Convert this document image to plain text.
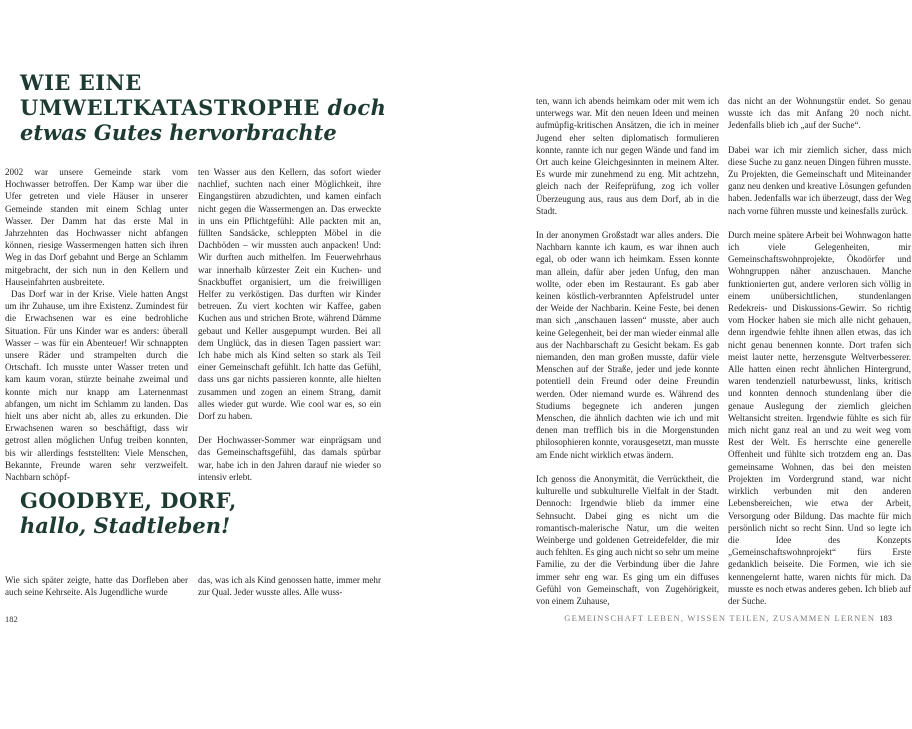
WIE EINE
UMWELTKATASTROPHE doch
etwas Gutes hervorbrachte

2002 war unsere Gemeinde stark vom Hochwasser betroffen. Der Kamp war über die Ufer getreten und viele Häuser in unserer Gemeinde standen mit einem Schlag unter Wasser. Der Damm hat das erste Mal in Jahrzehnten das Hochwasser nicht abfangen können, riesige Wassermengen hatten sich ihren Weg in das Dorf gebahnt und Berge an Schlamm mitgebracht, der sich nun in den Kellern und Hauseinfahrten ausbreitete.

Das Dorf war in der Krise. Viele hatten Angst um ihr Zuhause, um ihre Existenz. Zumindest für die Erwachsenen war es eine bedrohliche Situation. Für uns Kinder war es anders: überall Wasser – was für ein Abenteuer! Wir schnappten unsere Räder und strampelten durch die Ortschaft. Ich musste unter Wasser treten und kam kaum voran, stürzte beinahe zweimal und konnte mich nur knapp am Laternenmast abfangen, um nicht im Schlamm zu landen. Das hielt uns aber nicht ab, alles zu erkunden. Die Erwachsenen waren so beschäftigt, dass wir getrost allen möglichen Unfug treiben konnten, bis wir allerdings feststellten: Viele Menschen, Bekannte, Freunde waren sehr verzweifelt. Nachbarn schöpf-

ten Wasser aus den Kellern, das sofort wieder nachlief, suchten nach einer Möglichkeit, ihre Eingangstüren abzudichten, und kamen einfach nicht gegen die Wassermengen an. Das erweckte in uns ein Pflichtgefühl: Alle packten mit an, füllten Sandsäcke, schleppten Möbel in die Dachböden – wir mussten auch anpacken! Und: Wir durften auch mithelfen. Im Feuerwehrhaus war innerhalb kürzester Zeit ein Kuchen- und Snackbuffet organisiert, um die freiwilligen Helfer zu verköstigen. Das durften wir Kinder betreuen. Zu viert kochten wir Kaffee, gaben Kuchen aus und strichen Brote, während Dämme gebaut und Keller ausgepumpt wurden. Bei all dem Unglück, das in diesen Tagen passiert war: Ich habe mich als Kind selten so stark als Teil einer Gemeinschaft gefühlt. Ich hatte das Gefühl, dass uns gar nichts passieren konnte, alle hielten zusammen und zogen an einem Strang, damit alles wieder gut wurde. Wie cool war es, so ein Dorf zu haben.

Der Hochwasser-Sommer war einprägsam und das Gemeinschaftsgefühl, das damals spürbar war, habe ich in den Jahren darauf nie wieder so intensiv erlebt.

GOODBYE, DORF,
hallo, Stadtleben!

Wie sich später zeigte, hatte das Dorfleben aber auch seine Kehrseite. Als Jugendliche wurde

das, was ich als Kind genossen hatte, immer mehr zur Qual. Jeder wusste alles. Alle wuss-

182

ten, wann ich abends heimkam oder mit wem ich unterwegs war. Mit den neuen Ideen und meinen aufmüpfig-kritischen Ansätzen, die ich in meiner Jugend eher selten diplomatisch formulieren konnte, rannte ich nur gegen Wände und fand im Ort auch keine Gleichgesinnten in meinem Alter. Es wurde mir zunehmend zu eng. Mit achtzehn, gleich nach der Reifeprüfung, zog ich voller Überzeugung aus, raus aus dem Dorf, ab in die Stadt.

In der anonymen Großstadt war alles anders. Die Nachbarn kannte ich kaum, es war ihnen auch egal, ob oder wann ich heimkam. Essen konnte man allein, dafür aber jeden Unfug, den man wollte, oder eben im Restaurant. Es gab aber keinen köstlich-verbrannten Apfelstrudel unter der Weide der Nachbarin. Keine Feste, bei denen man sich „anschauen lassen“ musste, aber auch keine Gelegenheit, bei der man wieder einmal alle aus der Nachbarschaft zu Gesicht bekam. Es gab niemanden, den man großen musste, dafür viele Menschen auf der Straße, jeder und jede konnte potentiell dein Freund oder deine Freundin werden. Oder niemand wurde es. Während des Studiums begegnete ich anderen jungen Menschen, die ähnlich dachten wie ich und mit denen man trefflich bis in die Morgenstunden philosophieren konnte, vorausgesetzt, man musste am Ende nicht wirklich etwas ändern.

Ich genoss die Anonymität, die Verrücktheit, die kulturelle und subkulturelle Vielfalt in der Stadt. Dennoch: Irgendwie blieb da immer eine Sehnsucht. Dabei ging es nicht um die romantisch-malerische Natur, um die weiten Weinberge und goldenen Getreidefelder, die mir auch fehlten. Es ging auch nicht so sehr um meine Familie, zu der die Verbindung über die Jahre immer sehr eng war. Es ging um ein diffuses Gefühl von Gemeinschaft, von Zugehörigkeit, von einem Zuhause,

das nicht an der Wohnungstür endet. So genau wusste ich das mit Anfang 20 noch nicht. Jedenfalls blieb ich „auf der Suche“.

Dabei war ich mir ziemlich sicher, dass mich diese Suche zu ganz neuen Dingen führen musste. Zu Projekten, die Gemeinschaft und Miteinander ganz neu denken und kreative Lösungen gefunden haben. Jedenfalls war ich überzeugt, dass der Weg nach vorne führen musste und keinesfalls zurück.

Durch meine spätere Arbeit bei Wohnwagon hatte ich viele Gelegenheiten, mir Gemeinschaftswohnprojekte, Ökodörfer und Wohngruppen näher anzuschauen. Manche funktionierten gut, andere verloren sich völlig in einem unübersichtlichen, stundenlangen Redekreis- und Diskussions-Gewirr. So richtig vom Hocker haben sie mich alle nicht gehauen, denn irgendwie fehlte ihnen allen etwas, das ich nicht genau benennen konnte. Dort trafen sich meist lauter nette, herzensgute Weltverbesserer. Alle hatten einen recht ähnlichen Hintergrund, waren tendenziell naturbewusst, links, kritisch und konnten dennoch stundenlang über die genaue Auslegung der ziemlich gleichen Weltansicht streiten. Irgendwie fühlte es sich für mich nicht ganz real an und zu weit weg vom Rest der Welt. Es herrschte eine generelle Offenheit und fühlte sich trotzdem eng an. Das gemeinsame Wohnen, das bei den meisten Projekten im Vordergrund stand, war nicht wirklich verbunden mit den anderen Lebensbereichen, wie etwa der Arbeit, Versorgung oder Bildung. Das machte für mich persönlich nicht so recht Sinn. Und so legte ich die Idee des Konzepts „Gemeinschaftswohnprojekt“ fürs Erste gedanklich beiseite. Die Formen, wie ich sie kennengelernt hatte, waren nichts für mich. Da musste es noch etwas anderes geben. Ich blieb auf der Suche.

GEMEINSCHAFT LEBEN, WISSEN TEILEN, ZUSAMMEN LERNEN 183
